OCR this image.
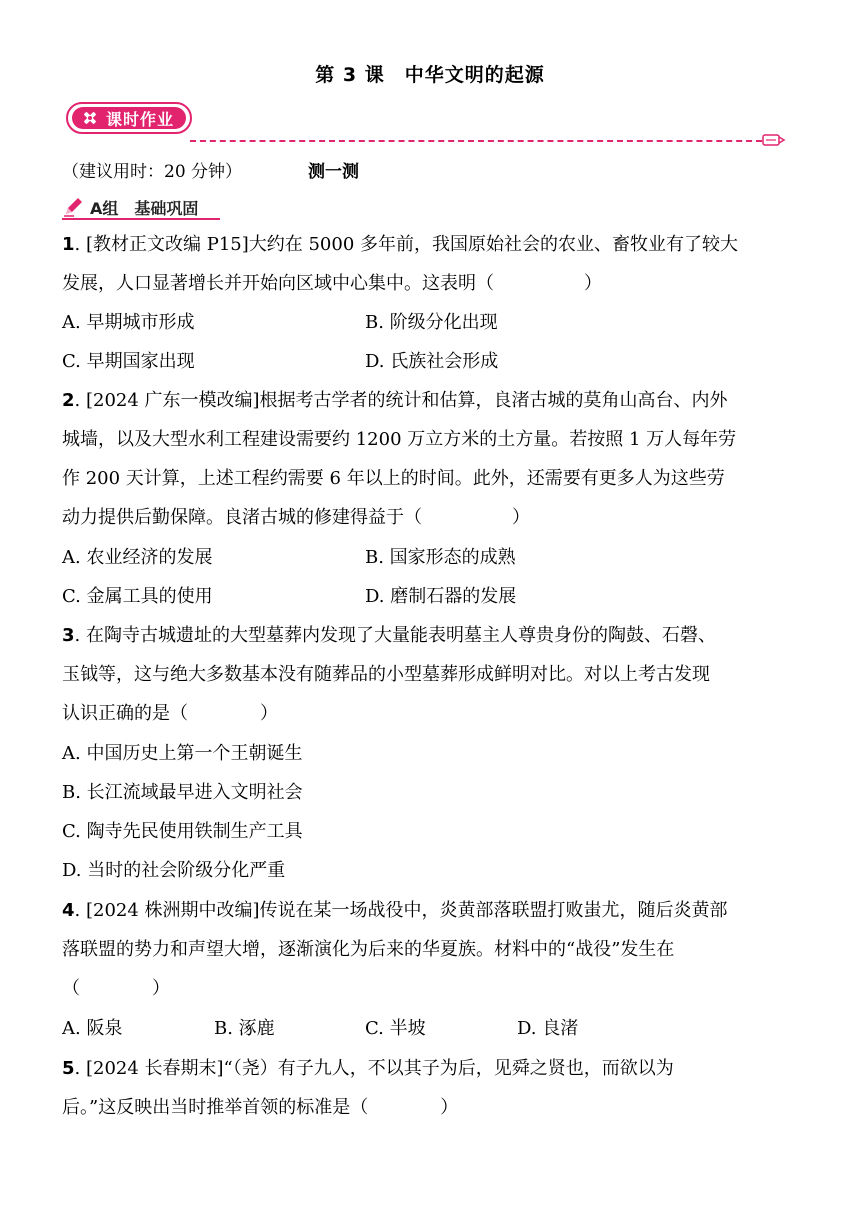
第 3 课　中华文明的起源
课时作业
（建议用时：20 分钟）	测一测
A组　基础巩固

1. [教材正文改编 P15]大约在 5000 多年前，我国原始社会的农业、畜牧业有了较大
发展，人口显著增长并开始向区域中心集中。这表明（　　　　　）

A. 早期城市形成	B. 阶级分化出现
C. 早期国家出现	D. 氏族社会形成

2. [2024 广东一模改编]根据考古学者的统计和估算，良渚古城的莫角山高台、内外
城墙，以及大型水利工程建设需要约 1200 万立方米的土方量。若按照 1 万人每年劳
作 200 天计算，上述工程约需要 6 年以上的时间。此外，还需要有更多人为这些劳
动力提供后勤保障。良渚古城的修建得益于（　　　　　）

A. 农业经济的发展	B. 国家形态的成熟
C. 金属工具的使用	D. 磨制石器的发展

3. 在陶寺古城遗址的大型墓葬内发现了大量能表明墓主人尊贵身份的陶鼓、石磬、
玉钺等，这与绝大多数基本没有随葬品的小型墓葬形成鲜明对比。对以上考古发现
认识正确的是（　　　　）

A. 中国历史上第一个王朝诞生
B. 长江流域最早进入文明社会
C. 陶寺先民使用铁制生产工具
D. 当时的社会阶级分化严重

4. [2024 株洲期中改编]传说在某一场战役中，炎黄部落联盟打败蚩尤，随后炎黄部
落联盟的势力和声望大增，逐渐演化为后来的华夏族。材料中的“战役”发生在
（　　　　）

A. 阪泉	B. 涿鹿	C. 半坡	D. 良渚

5. [2024 长春期末]“（尧）有子九人，不以其子为后，见舜之贤也，而欲以为
后。”这反映出当时推举首领的标准是（　　　　）
